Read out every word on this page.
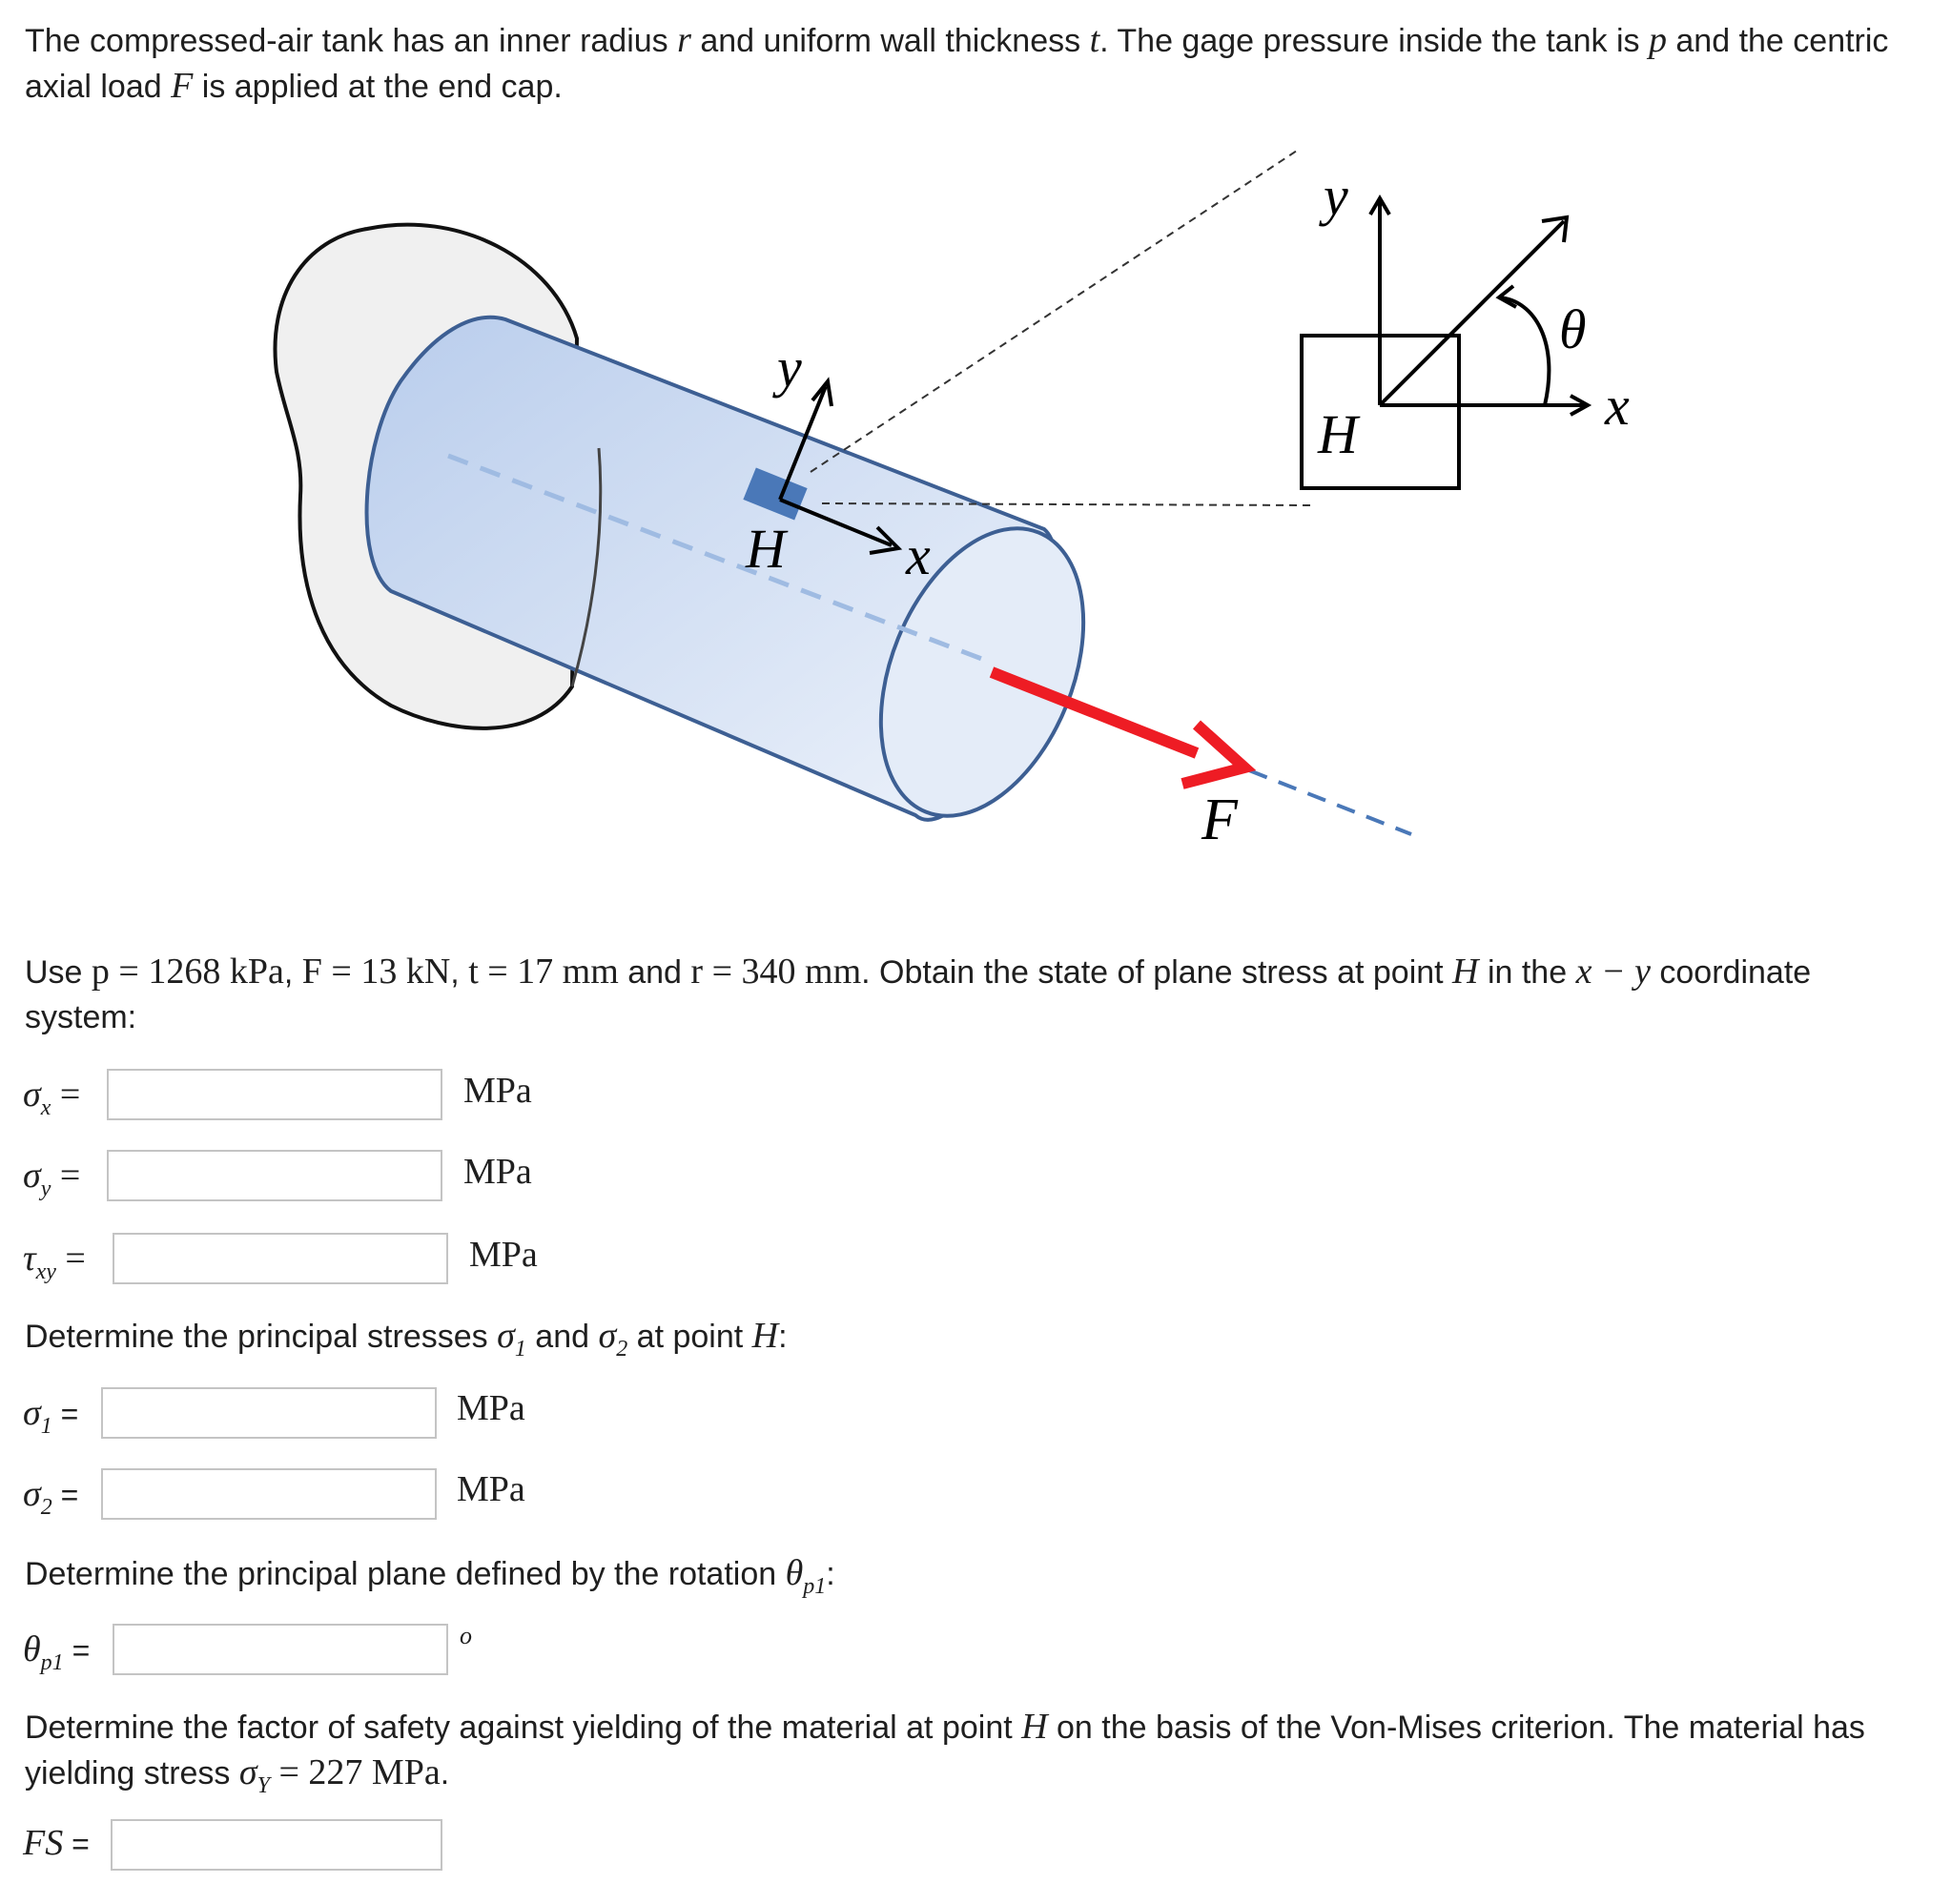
The compressed-air tank has an inner radius r and uniform wall thickness t. The gage pressure inside the tank is p and the centric
axial load F is applied at the end cap.
y
x
H
F
y
x
H
θ
Use p = 1268 kPa, F = 13 kN, t = 17 mm and r = 340 mm. Obtain the state of plane stress at point H in the x − y coordinate
system:
σx =	MPa
σy =	MPa
τxy =	MPa
Determine the principal stresses $\sigma_1$ and $\sigma_2$ at point H:
σ1 =	MPa
σ2 =	MPa
Determine the principal plane defined by the rotation $\theta_{p1}$:
θp1 =	o
Determine the factor of safety against yielding of the material at point H on the basis of the Von-Mises criterion. The material has
yielding stress $\sigma_Y = 227$ MPa.
FS =
